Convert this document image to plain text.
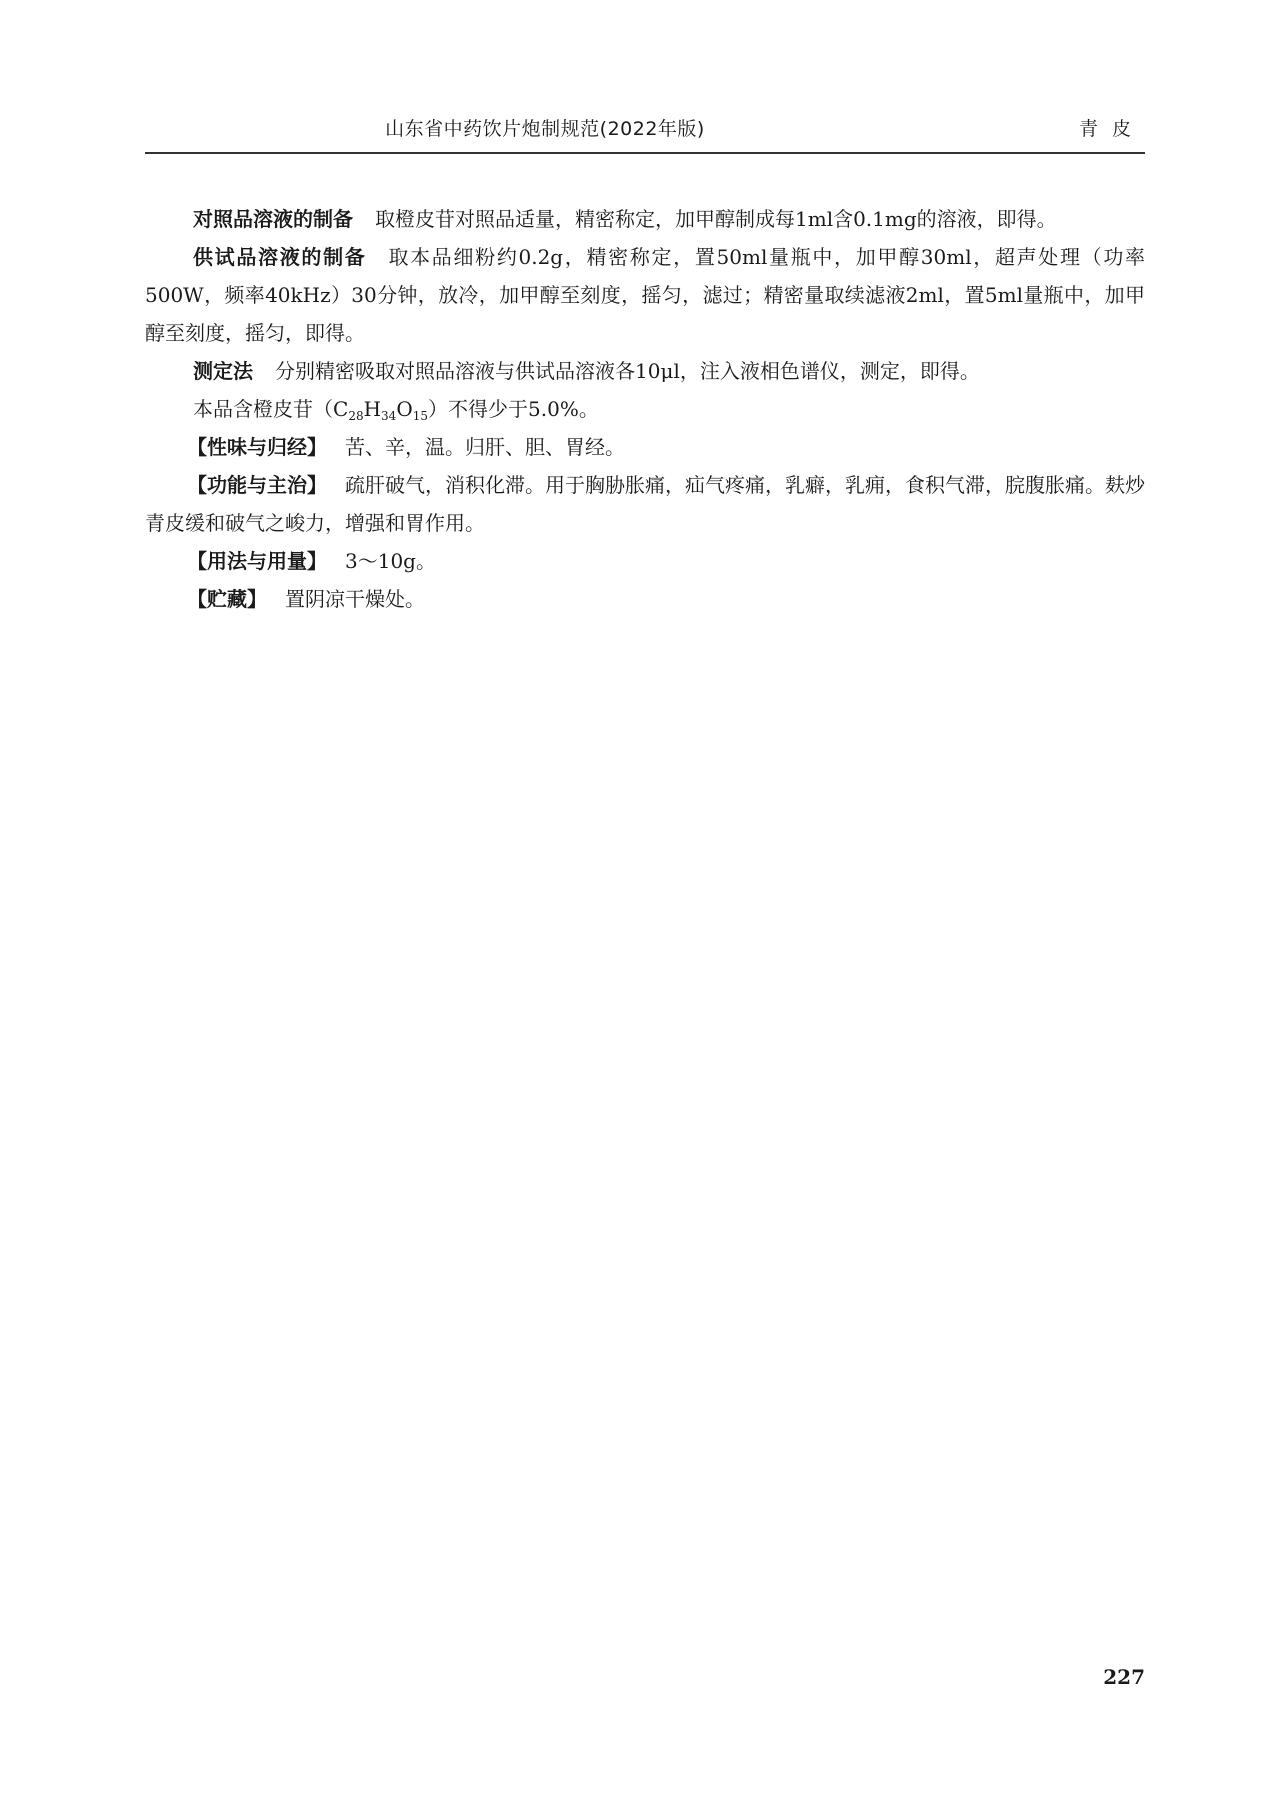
山东省中药饮片炮制规范(2022年版)	青皮

对照品溶液的制备 取橙皮苷对照品适量，精密称定，加甲醇制成每1ml含0.1mg的溶液，即得。

供试品溶液的制备 取本品细粉约0.2g，精密称定，置50ml量瓶中，加甲醇30ml，超声处理（功率500W，频率40kHz）30分钟，放冷，加甲醇至刻度，摇匀，滤过；精密量取续滤液2ml，置5ml量瓶中，加甲醇至刻度，摇匀，即得。

测定法 分别精密吸取对照品溶液与供试品溶液各10μl，注入液相色谱仪，测定，即得。

本品含橙皮苷$(C_{28}H_{34}O_{15})$不得少于5.0%。

【性味与归经】 苦、辛，温。归肝、胆、胃经。

【功能与主治】 疏肝破气，消积化滞。用于胸胁胀痛，疝气疼痛，乳癖，乳痈，食积气滞，脘腹胀痛。麸炒青皮缓和破气之峻力，增强和胃作用。

【用法与用量】 3～10g。

【贮藏】 置阴凉干燥处。

227
